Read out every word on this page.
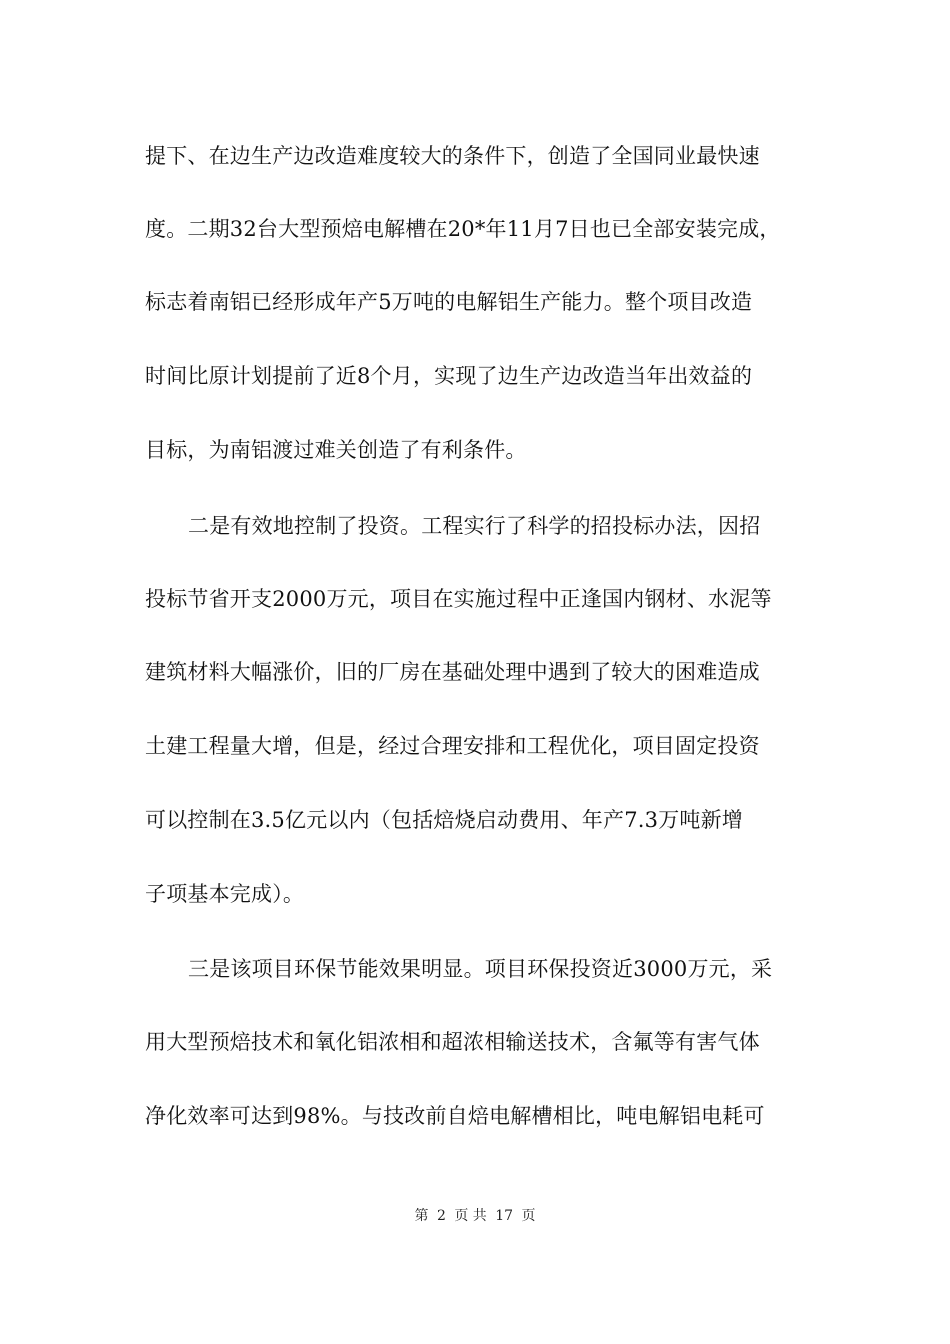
提下、在边生产边改造难度较大的条件下，创造了全国同业最快速
度。二期32台大型预焙电解槽在20*年11月7日也已全部安装完成，
标志着南铝已经形成年产5万吨的电解铝生产能力。整个项目改造
时间比原计划提前了近8个月，实现了边生产边改造当年出效益的
目标，为南铝渡过难关创造了有利条件。
二是有效地控制了投资。工程实行了科学的招投标办法，因招
投标节省开支2000万元，项目在实施过程中正逢国内钢材、水泥等
建筑材料大幅涨价，旧的厂房在基础处理中遇到了较大的困难造成
土建工程量大增，但是，经过合理安排和工程优化，项目固定投资
可以控制在3.5亿元以内（包括焙烧启动费用、年产7.3万吨新增
子项基本完成）。
三是该项目环保节能效果明显。项目环保投资近3000万元，采
用大型预焙技术和氧化铝浓相和超浓相输送技术，含氟等有害气体
净化效率可达到98%。与技改前自焙电解槽相比，吨电解铝电耗可
第 2 页 共 17 页
